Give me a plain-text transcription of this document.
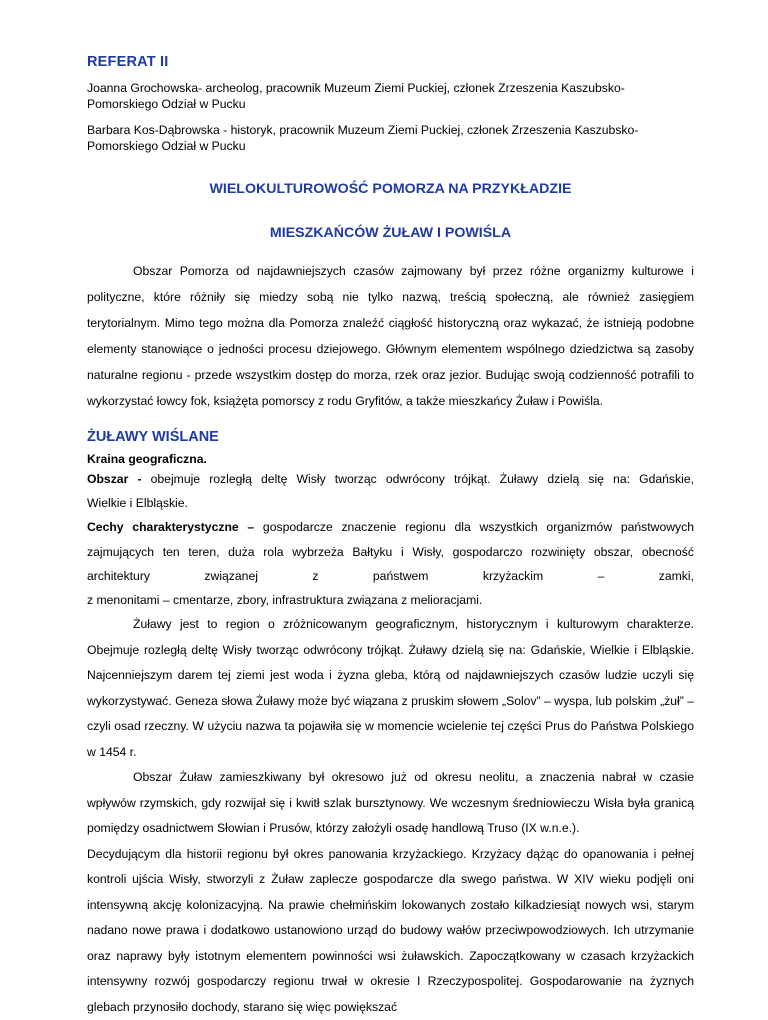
REFERAT II
Joanna Grochowska- archeolog, pracownik Muzeum Ziemi Puckiej, członek Zrzeszenia Kaszubsko-Pomorskiego Odział w Pucku
Barbara Kos-Dąbrowska - historyk, pracownik Muzeum Ziemi Puckiej, członek Zrzeszenia Kaszubsko-Pomorskiego Odział w Pucku
WIELOKULTUROWOŚĆ POMORZA NA PRZYKŁADZIE
MIESZKAŃCÓW ŻUŁAW I POWIŚLA
Obszar Pomorza od najdawniejszych czasów zajmowany był przez różne organizmy kulturowe i polityczne, które różniły się miedzy sobą nie tylko nazwą, treścią społeczną, ale również zasięgiem terytorialnym. Mimo tego można dla Pomorza znaleźć ciągłość historyczną oraz wykazać, że istnieją podobne elementy stanowiące o jedności procesu dziejowego. Głównym elementem wspólnego dziedzictwa są zasoby naturalne regionu - przede wszystkim dostęp do morza, rzek oraz jezior. Budując swoją codzienność potrafili to wykorzystać łowcy fok, książęta pomorscy z rodu Gryfitów, a także mieszkańcy Żuław i Powiśla.
ŻUŁAWY WIŚLANE
Kraina geograficzna.
Obszar - obejmuje rozległą deltę Wisły tworząc odwrócony trójkąt. Żuławy dzielą się na: Gdańskie,
Wielkie i Elbląskie.
Cechy charakterystyczne – gospodarcze znaczenie regionu dla wszystkich organizmów państwowych
zajmujących ten teren, duża rola wybrzeża Bałtyku i Wisły, gospodarczo rozwinięty obszar, obecność
architektury związanej z państwem krzyżackim – zamki,
z menonitami – cmentarze, zbory, infrastruktura związana z melioracjami.

Żuławy jest to region o zróżnicowanym geograficznym, historycznym i kulturowym charakterze. Obejmuje rozległą deltę Wisły tworząc odwrócony trójkąt. Żuławy dzielą się na: Gdańskie, Wielkie i Elbląskie. Najcenniejszym darem tej ziemi jest woda i żyzna gleba, którą od najdawniejszych czasów ludzie uczyli się wykorzystywać. Geneza słowa Żuławy może być wiązana z pruskim słowem „Solov” – wyspa, lub polskim „żuł” – czyli osad rzeczny. W użyciu nazwa ta pojawiła się w momencie wcielenie tej części Prus do Państwa Polskiego w 1454 r.

Obszar Żuław zamieszkiwany był okresowo już od okresu neolitu, a znaczenia nabrał w czasie wpływów rzymskich, gdy rozwijał się i kwitł szlak bursztynowy. We wczesnym średniowieczu Wisła była granicą pomiędzy osadnictwem Słowian i Prusów, którzy założyli osadę handlową Truso (IX w.n.e.).

Decydującym dla historii regionu był okres panowania krzyżackiego. Krzyżacy dążąc do opanowania i pełnej kontroli ujścia Wisły, stworzyli z Żuław zaplecze gospodarcze dla swego państwa. W XIV wieku podjęli oni intensywną akcję kolonizacyjną. Na prawie chełmińskim lokowanych zostało kilkadziesiąt nowych wsi, starym nadano nowe prawa i dodatkowo ustanowiono urząd do budowy wałów przeciwpowodziowych. Ich utrzymanie oraz naprawy były istotnym elementem powinności wsi żuławskich. Zapoczątkowany w czasach krzyżackich intensywny rozwój gospodarczy regionu trwał w okresie I Rzeczypospolitej. Gospodarowanie na żyznych glebach przynosiło dochody, starano się więc powiększać
